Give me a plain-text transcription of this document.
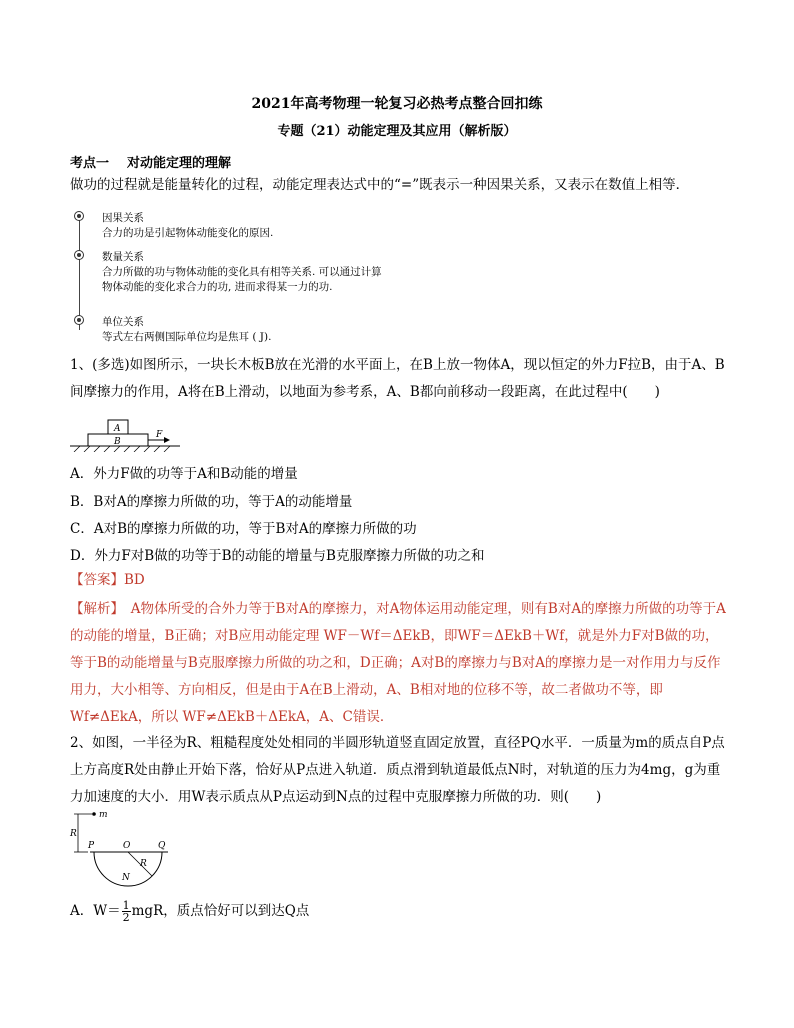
2021年高考物理一轮复习必热考点整合回扣练
专题（21）动能定理及其应用（解析版）
考点一 对动能定理的理解
做功的过程就是能量转化的过程，动能定理表达式中的“=”既表示一种因果关系，又表示在数值上相等．
因果关系
合力的功是引起物体动能变化的原因.
数量关系
合力所做的功与物体动能的变化具有相等关系. 可以通过计算物体动能的变化求合力的功, 进而求得某一力的功.
单位关系
等式左右两侧国际单位均是焦耳 ( J).
1、(多选)如图所示，一块长木板B放在光滑的水平面上，在B上放一物体A，现以恒定的外力F拉B，由于A、B间摩擦力的作用，A将在B上滑动，以地面为参考系，A、B都向前移动一段距离，在此过程中(　　)
A
B
F
A．外力F做的功等于A和B动能的增量
B．B对A的摩擦力所做的功，等于A的动能增量
C．A对B的摩擦力所做的功，等于B对A的摩擦力所做的功
D．外力F对B做的功等于B的动能的增量与B克服摩擦力所做的功之和
【答案】BD
【解析】　A物体所受的合外力等于B对A的摩擦力，对A物体运用动能定理，则有B对A的摩擦力所做的功等于A的动能的增量，B正确；对B应用动能定理 WF－Wf＝ΔEkB，即WF＝ΔEkB＋Wf，就是外力F对B做的功，等于B的动能增量与B克服摩擦力所做的功之和，D正确；A对B的摩擦力与B对A的摩擦力是一对作用力与反作用力，大小相等、方向相反，但是由于A在B上滑动，A、B相对地的位移不等，故二者做功不等，即 Wf≠ΔEkA，所以 WF≠ΔEkB＋ΔEkA，A、C错误．
2、如图，一半径为R、粗糙程度处处相同的半圆形轨道竖直固定放置，直径PQ水平．一质量为m的质点自P点上方高度R处由静止开始下落，恰好从P点进入轨道．质点滑到轨道最低点N时，对轨道的压力为4mg，g为重力加速度的大小．用W表示质点从P点运动到N点的过程中克服摩擦力所做的功．则(　　)
m
R
P	O	Q
R
N
A．$W= \frac{1}{2}$ mgR，质点恰好可以到达Q点
